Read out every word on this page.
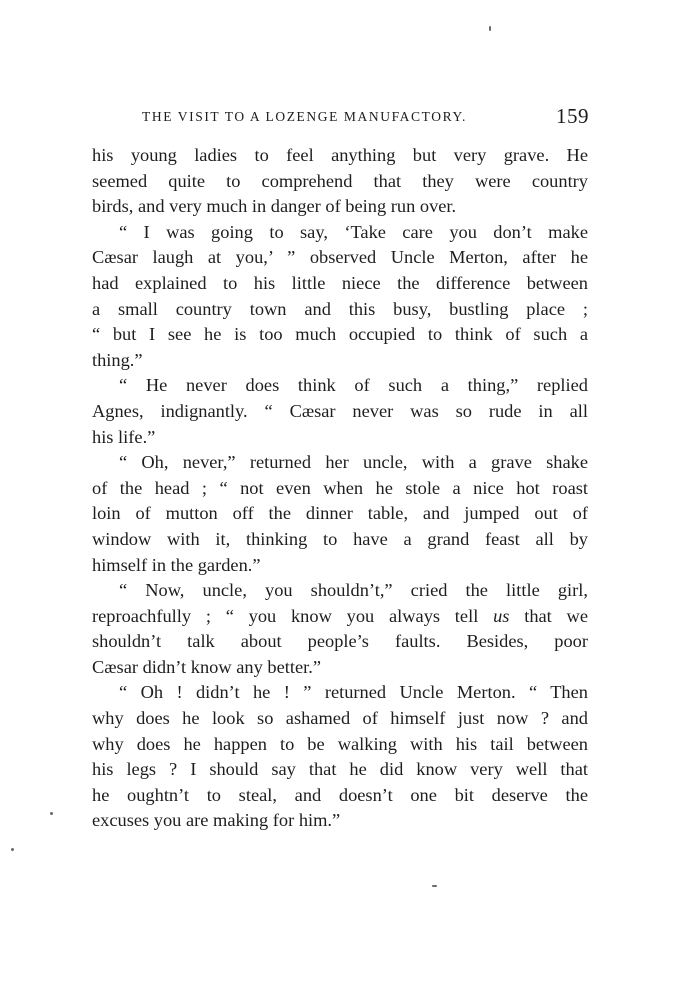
THE VISIT TO A LOZENGE MANUFACTORY.	159
his young ladies to feel anything but very grave. He
seemed quite to comprehend that they were country
birds, and very much in danger of being run over.
“ I was going to say, ‘Take care you don’t make
Cæsar laugh at you,’ ” observed Uncle Merton, after he
had explained to his little niece the difference between
a small country town and this busy, bustling place ;
“ but I see he is too much occupied to think of such a
thing.”
“ He never does think of such a thing,” replied
Agnes, indignantly. “ Cæsar never was so rude in all
his life.”
“ Oh, never,” returned her uncle, with a grave shake
of the head ; “ not even when he stole a nice hot roast
loin of mutton off the dinner table, and jumped out of
window with it, thinking to have a grand feast all by
himself in the garden.”
“ Now, uncle, you shouldn’t,” cried the little girl,
reproachfully ; “ you know you always tell us that we
shouldn’t talk about people’s faults. Besides, poor
Cæsar didn’t know any better.”
“ Oh ! didn’t he ! ” returned Uncle Merton. “ Then
why does he look so ashamed of himself just now ? and
why does he happen to be walking with his tail between
his legs ? I should say that he did know very well that
he oughtn’t to steal, and doesn’t one bit deserve the
excuses you are making for him.”
